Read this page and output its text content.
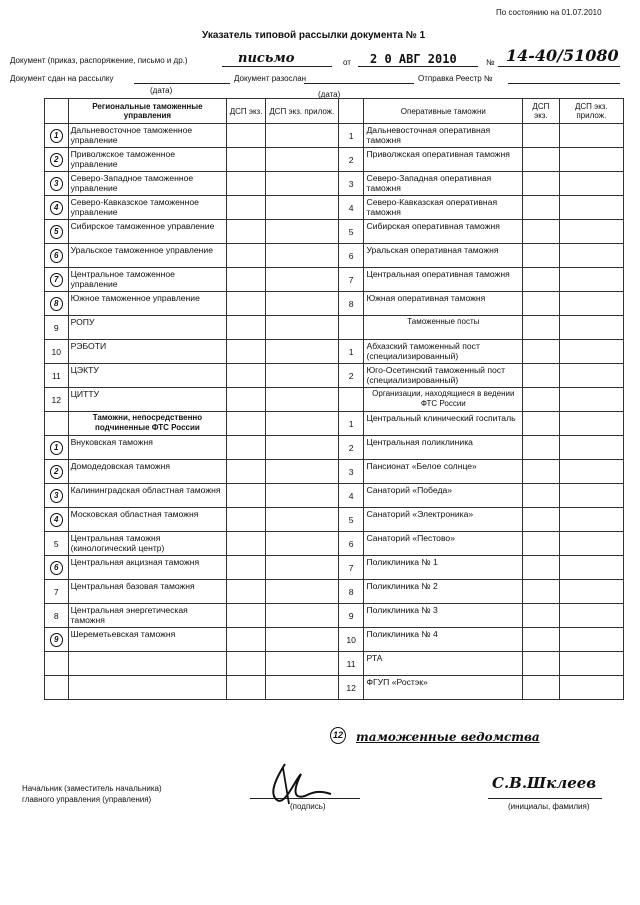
По состоянию на 01.07.2010
Указатель типовой рассылки документа № 1
Документ (приказ, распоряжение, письмо и др.)	письмо	от 2 0 АВГ 2010	№ 14-40/51080
Документ сдан на рассылку
(дата)
Документ разослан
(дата)
Отправка Реестр №
	Региональные таможенные управления	ДСП экз.	ДСП экз. прилож.		Оперативные таможни	ДСП экз.	ДСП экз. прилож.
1	Дальневосточное таможенное управление			1	Дальневосточная оперативная таможня		
2	Приволжское таможенное управление			2	Приволжская оперативная таможня		
3	Северо-Западное таможенное управление			3	Северо-Западная оперативная таможня		
4	Северо-Кавказское таможенное управление			4	Северо-Кавказская оперативная таможня		
5	Сибирское таможенное управление			5	Сибирская оперативная таможня		
6	Уральское таможенное управление			6	Уральская оперативная таможня		
7	Центральное таможенное управление			7	Центральная оперативная таможня		
8	Южное таможенное управление			8	Южная оперативная таможня		
9	РОПУ				Таможенные посты		
10	РЭБОТИ			1	Абхазский таможенный пост (специализированный)		
11	ЦЭКТУ			2	Юго-Осетинский таможенный пост (специализированный)		
12	ЦИТТУ				Организации, находящиеся в ведении ФТС России		
	Таможни, непосредственно подчиненные ФТС России			1	Центральный клинический госпиталь		
1	Внуковская таможня			2	Центральная поликлиника		
2	Домодедовская таможня			3	Пансионат «Белое солнце»		
3	Калининградская областная таможня			4	Санаторий «Победа»		
4	Московская областная таможня			5	Санаторий «Электроника»		
5	Центральная таможня (кинологический центр)			6	Санаторий «Пестово»		
6	Центральная акцизная таможня			7	Поликлиника № 1		
7	Центральная базовая таможня			8	Поликлиника № 2		
8	Центральная энергетическая таможня			9	Поликлиника № 3		
9	Шереметьевская таможня			10	Поликлиника № 4		
				11	РТА		
				12	ФГУП «Ростэк»		
таможенные ведомства
12
Начальник (заместитель начальника)
главного управления (управления)
(подпись)
С.В.Шклеев
(инициалы, фамилия)
